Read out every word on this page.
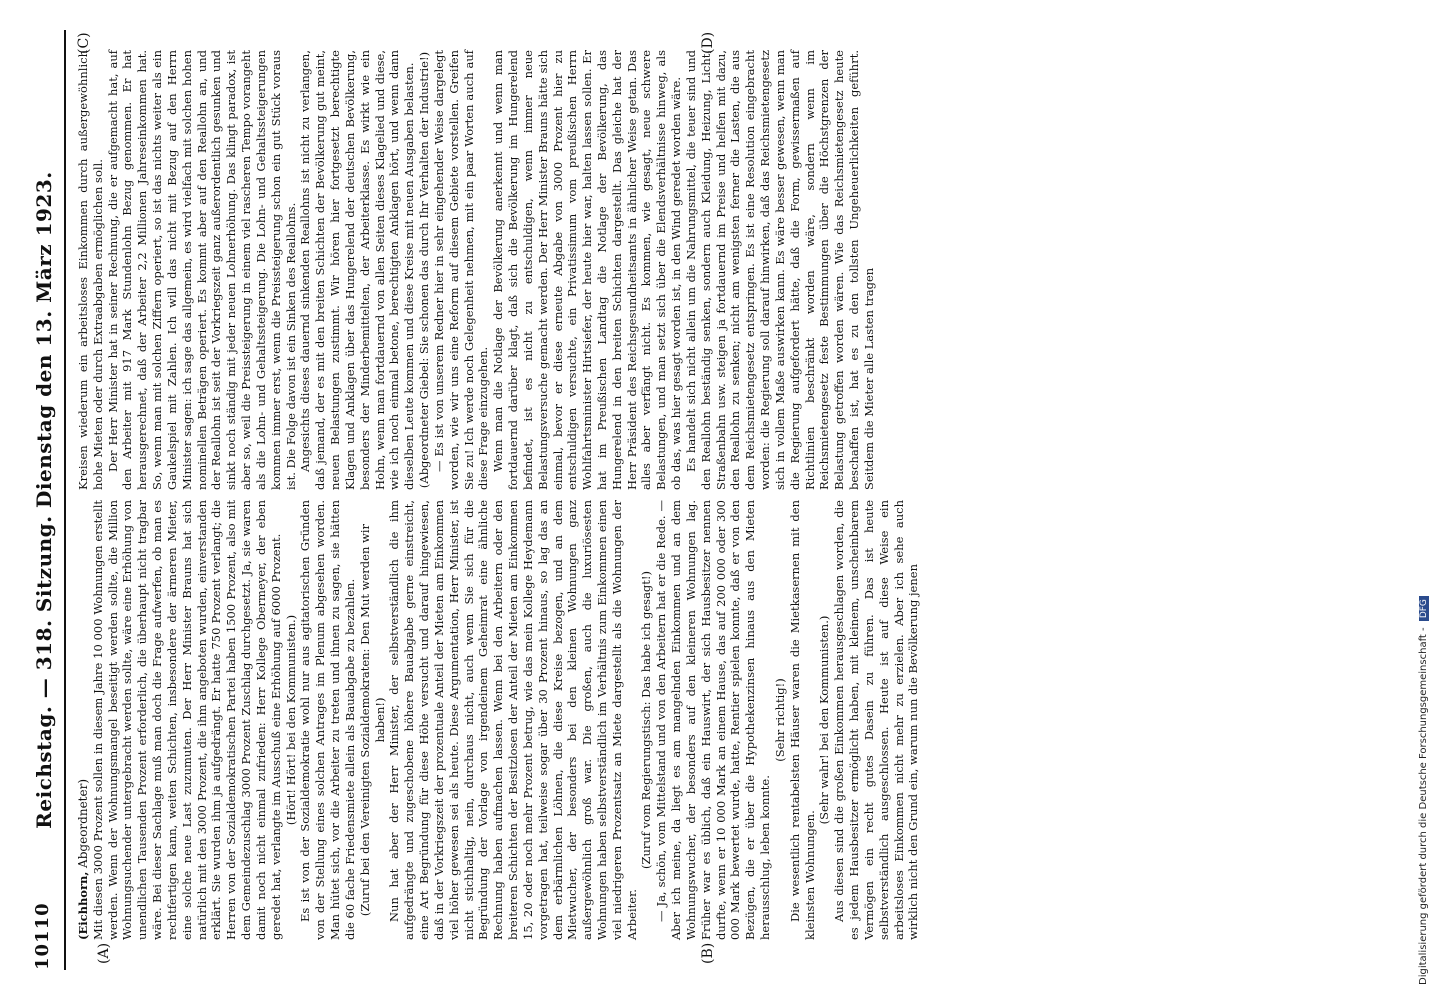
10110
Reichstag. — 318. Sitzung. Dienstag den 13. März 1923.
(A)	(B)
(C)	(D)

(Eichhorn, Abgeordneter) Mit diesen 3000 Prozent sollen in diesem Jahre 10 000 Wohnungen erstellt werden. Wenn der Wohnungsmangel beseitigt werden sollte, die Million Wohnungsuchender untergebracht werden sollte, wäre eine Erhöhung von unendlichen Tausenden Prozent erforderlich, die überhaupt nicht tragbar wäre. Bei dieser Sachlage muß man doch die Frage aufwerfen, ob man es rechtfertigen kann, weiten Schichten, insbesondere der ärmeren Mieter, eine solche neue Last zuzumuten. Der Herr Minister Brauns hat sich natürlich mit den 3000 Prozent, die ihm angeboten wurden, einverstanden erklärt. Sie wurden ihm ja aufgedrängt. Er hatte 750 Prozent verlangt; die Herren von der Sozialdemokratischen Partei haben 1500 Prozent, also mit dem Gemeindezuschlag 3000 Prozent Zuschlag durchgesetzt. Ja, sie waren damit noch nicht einmal zufrieden: Herr Kollege Obermeyer, der eben geredet hat, verlangte im Ausschuß eine Erhöhung auf 6000 Prozent. (Hört! Hört! bei den Kommunisten.) Es ist von der Sozialdemokratie wohl nur aus agitatorischen Gründen von der Stellung eines solchen Antrages im Plenum abgesehen worden. Man hütet sich, vor die Arbeiter zu treten und ihnen zu sagen, sie hätten die 60 fache Friedensmiete allein als Bauabgabe zu bezahlen. (Zuruf bei den Vereinigten Sozialdemokraten: Den Mut werden wir haben!) Nun hat aber der Herr Minister, der selbstverständlich die ihm aufgedrängte und zugeschobene höhere Bauabgabe gerne einstreicht, eine Art Begründung für diese Höhe versucht und darauf hingewiesen, daß in der Vorkriegszeit der prozentuale Anteil der Mieten am Einkommen viel höher gewesen sei als heute. Diese Argumentation, Herr Minister, ist nicht stichhaltig, nein, durchaus nicht, auch wenn Sie sich für die Begründung der Vorlage von irgendeinem Geheimrat eine ähnliche Rechnung haben aufmachen lassen. Wenn bei den Arbeitern oder den breiteren Schichten der Besitzlosen der Anteil der Mieten am Einkommen 15, 20 oder noch mehr Prozent betrug, wie das mein Kollege Heydemann vorgetragen hat, teilweise sogar über 30 Prozent hinaus, so lag das an dem erbärmlichen Löhnen, die diese Kreise bezogen, und an dem Mietwucher, der besonders bei den kleinen Wohnungen ganz außergewöhnlich groß war. Die großen, auch die luxuriösesten Wohnungen haben selbstverständlich im Verhältnis zum Einkommen einen viel niedrigeren Prozentsatz an Miete dargestellt als die Wohnungen der Arbeiter.

(Zuruf vom Regierungstisch: Das habe ich gesagt!) — Ja, schön, vom Mittelstand und von den Arbeitern hat er die Rede. — Aber ich meine, da liegt es am mangelnden Einkommen und an dem Wohnungswucher, der besonders auf den kleineren Wohnungen lag. Früher war es üblich, daß ein Hauswirt, der sich Hausbesitzer nennen durfte, wenn er 10 000 Mark an einem Hause, das auf 200 000 oder 300 000 Mark bewertet wurde, hatte, Rentier spielen konnte, daß er von den Bezügen, die er über die Hypothekenzinsen hinaus aus den Mieten herausschlug, leben konnte.

(Sehr richtig!) Die wesentlich rentabelsten Häuser waren die Mietkasernen mit den kleinsten Wohnungen.

(Sehr wahr! bei den Kommunisten.) Aus diesen sind die großen Einkommen herausgeschlagen worden, die es jedem Hausbesitzer ermöglicht haben, mit kleinem, unscheinbarem Vermögen ein recht gutes Dasein zu führen. Das ist heute selbstverständlich ausgeschlossen. Heute ist auf diese Weise ein arbeitsloses Einkommen nicht mehr zu erzielen. Aber ich sehe auch wirklich nicht den Grund ein, warum nun die Bevölkerung jenen

Kreisen wiederum ein arbeitsloses Einkommen durch außergewöhnlich hohe Mieten oder durch Extraabgaben ermöglichen soll. Der Herr Minister hat in seiner Rechnung, die er aufgemacht hat, auf den Arbeiter mit 917 Mark Stundenlohn Bezug genommen. Er hat herausgerechnet, daß der Arbeiter 2,2 Millionen Jahreseinkommen hat. So, wenn man mit solchen Ziffern operiert, so ist das nichts weiter als ein Gaukelspiel mit Zahlen. Ich will das nicht mit Bezug auf den Herrn Minister sagen: ich sage das allgemein, es wird vielfach mit solchen hohen nominellen Beträgen operiert. Es kommt aber auf den Reallohn an, und der Reallohn ist seit der Vorkriegszeit ganz außerordentlich gesunken und sinkt noch ständig mit jeder neuen Lohnerhöhung. Das klingt paradox, ist aber so, weil die Preissteigerung in einem viel rascheren Tempo vorangeht als die Lohn- und Gehaltssteigerung. Die Lohn- und Gehaltssteigerungen kommen immer erst, wenn die Preissteigerung schon ein gut Stück voraus ist. Die Folge davon ist ein Sinken des Reallohns. Angesichts dieses dauernd sinkenden Reallohns ist nicht zu verlangen, daß jemand, der es mit den breiten Schichten der Bevölkerung gut meint, neuen Belastungen zustimmt. Wir hören hier fortgesetzt berechtigte Klagen und Anklagen über das Hungerelend der deutschen Bevölkerung, besonders der Minderbemittelten, der Arbeiterklasse. Es wirkt wie ein Hohn, wenn man fortdauernd von allen Seiten dieses Klagelied und diese, wie ich noch einmal betone, berechtigten Anklagen hört, und wenn dann dieselben Leute kommen und diese Kreise mit neuen Ausgaben belasten. (Abgeordneter Giebel: Sie schonen das durch Ihr Verhalten der Industrie!) — Es ist von unserem Redner hier in sehr eingehender Weise dargelegt worden, wie wir uns eine Reform auf diesem Gebiete vorstellen. Greifen Sie zu! Ich werde noch Gelegenheit nehmen, mit ein paar Worten auch auf diese Frage einzugehen. Wenn man die Notlage der Bevölkerung anerkennt und wenn man fortdauernd darüber klagt, daß sich die Bevölkerung im Hungerelend befindet, ist es nicht zu entschuldigen, wenn immer neue Belastungsversuche gemacht werden. Der Herr Minister Brauns hätte sich einmal, bevor er diese erneute Abgabe von 3000 Prozent hier zu entschuldigen versuchte, ein Privatissimum vom preußischen Herrn Wohlfahrtsminister Hirtsiefer, der heute hier war, halten lassen sollen. Er hat im Preußischen Landtag die Notlage der Bevölkerung, das Hungerelend in den breiten Schichten dargestellt. Das gleiche hat der Herr Präsident des Reichsgesundheitsamts in ähnlicher Weise getan. Das alles aber verfängt nicht. Es kommen, wie gesagt, neue schwere Belastungen, und man setzt sich über die Elendsverhältnisse hinweg, als ob das, was hier gesagt worden ist, in den Wind geredet worden wäre. Es handelt sich nicht allein um die Nahrungsmittel, die teuer sind und den Reallohn beständig senken, sondern auch Kleidung, Heizung, Licht, Straßenbahn usw. steigen ja fortdauernd im Preise und helfen mit dazu, den Reallohn zu senken; nicht am wenigsten ferner die Lasten, die aus dem Reichsmietengesetz entspringen. Es ist eine Resolution eingebracht worden: die Regierung soll darauf hinwirken, daß das Reichsmietengesetz sich in vollem Maße auswirken kann. Es wäre besser gewesen, wenn man die Regierung aufgefordert hätte, daß die Form, gewissermaßen auf Richtlinien beschränkt worden wäre, sondern wenn im Reichsmietengesetz feste Bestimmungen über die Höchstgrenzen der Belastung getroffen worden wären. Wie das Reichsmietengesetz heute beschaffen ist, hat es zu den tollsten Ungeheuerlichkeiten geführt. Seitdem die Mieter alle Lasten tragen

Digitalisierung gefördert durch die Deutsche Forschungsgemeinschaft - DFG
